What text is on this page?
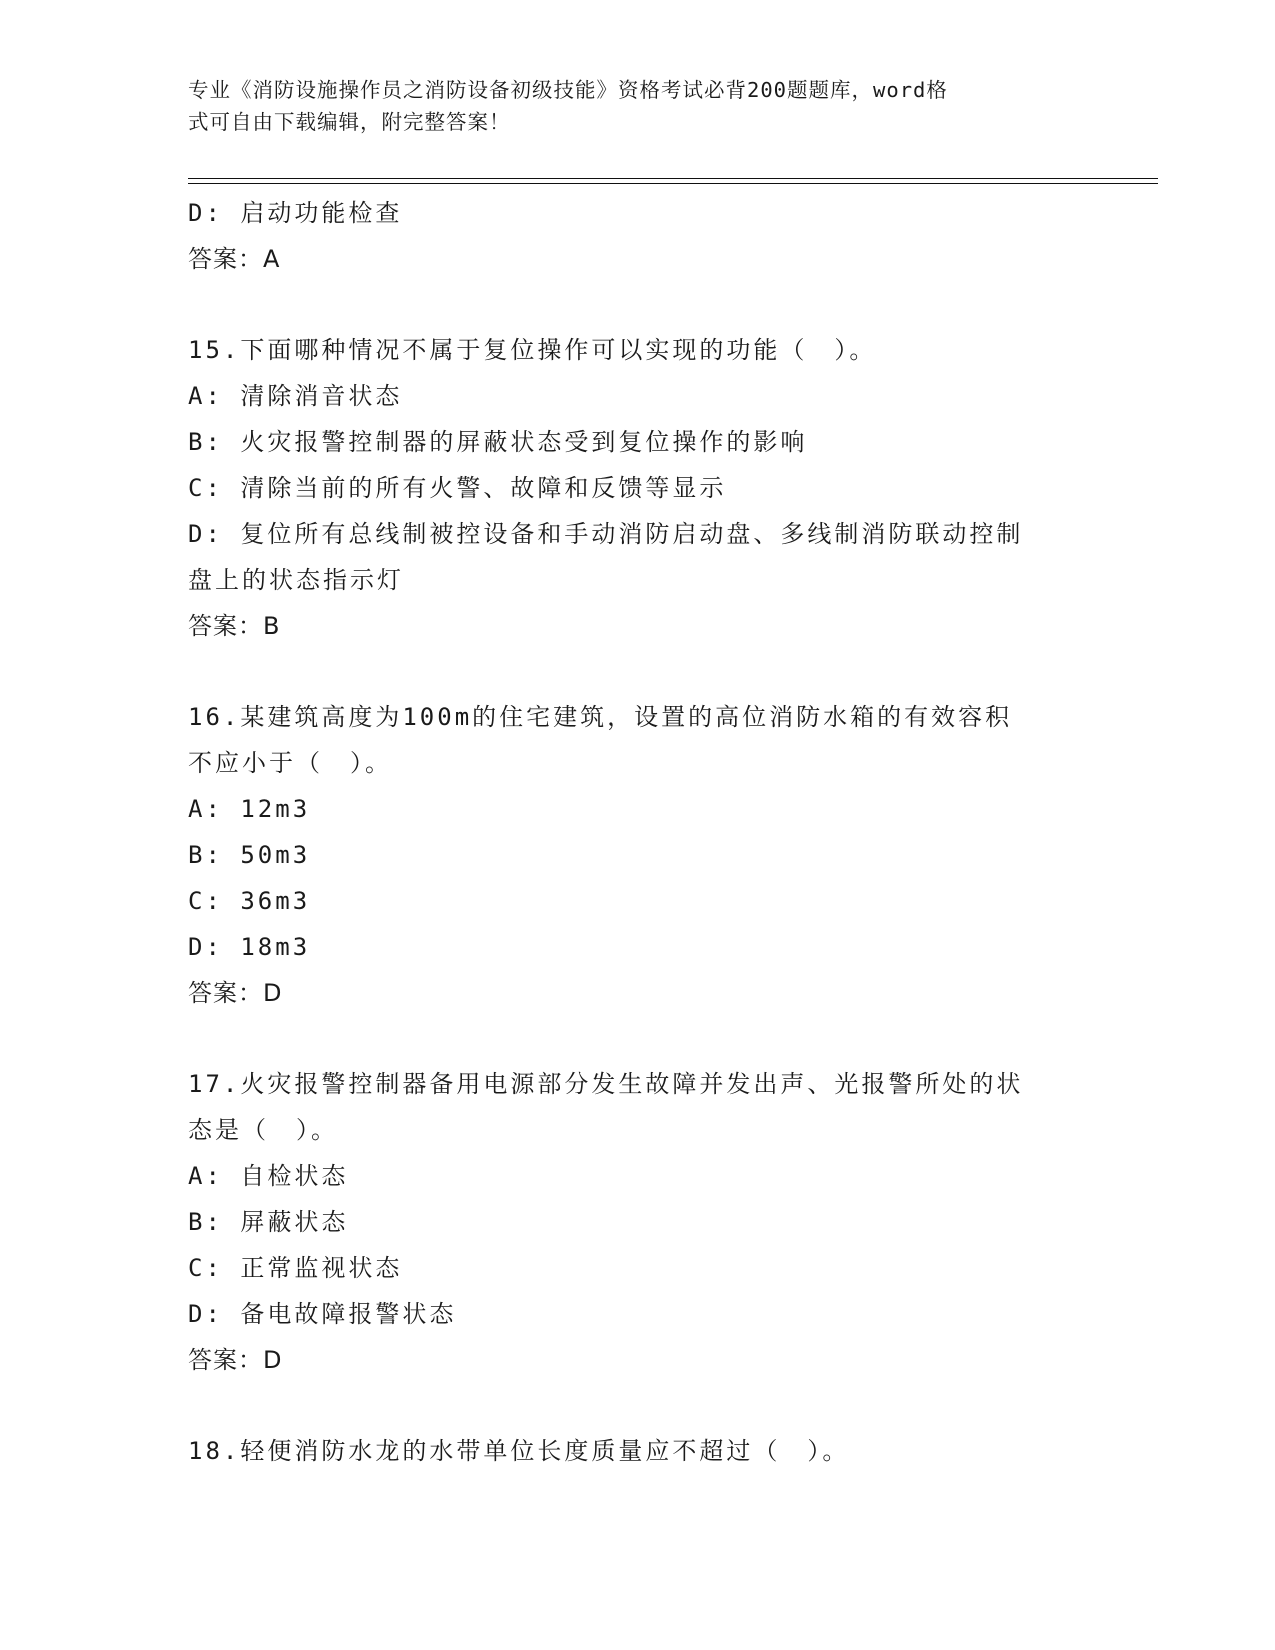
专业《消防设施操作员之消防设备初级技能》资格考试必背200题题库，word格
式可自由下载编辑，附完整答案！
D: 启动功能检查
答案：A
15.下面哪种情况不属于复位操作可以实现的功能（　）。
A: 清除消音状态
B: 火灾报警控制器的屏蔽状态受到复位操作的影响
C: 清除当前的所有火警、故障和反馈等显示
D: 复位所有总线制被控设备和手动消防启动盘、多线制消防联动控制
盘上的状态指示灯
答案：B
16.某建筑高度为100m的住宅建筑，设置的高位消防水箱的有效容积
不应小于（　）。
A: 12m3
B: 50m3
C: 36m3
D: 18m3
答案：D
17.火灾报警控制器备用电源部分发生故障并发出声、光报警所处的状
态是（　）。
A: 自检状态
B: 屏蔽状态
C: 正常监视状态
D: 备电故障报警状态
答案：D
18.轻便消防水龙的水带单位长度质量应不超过（　）。
